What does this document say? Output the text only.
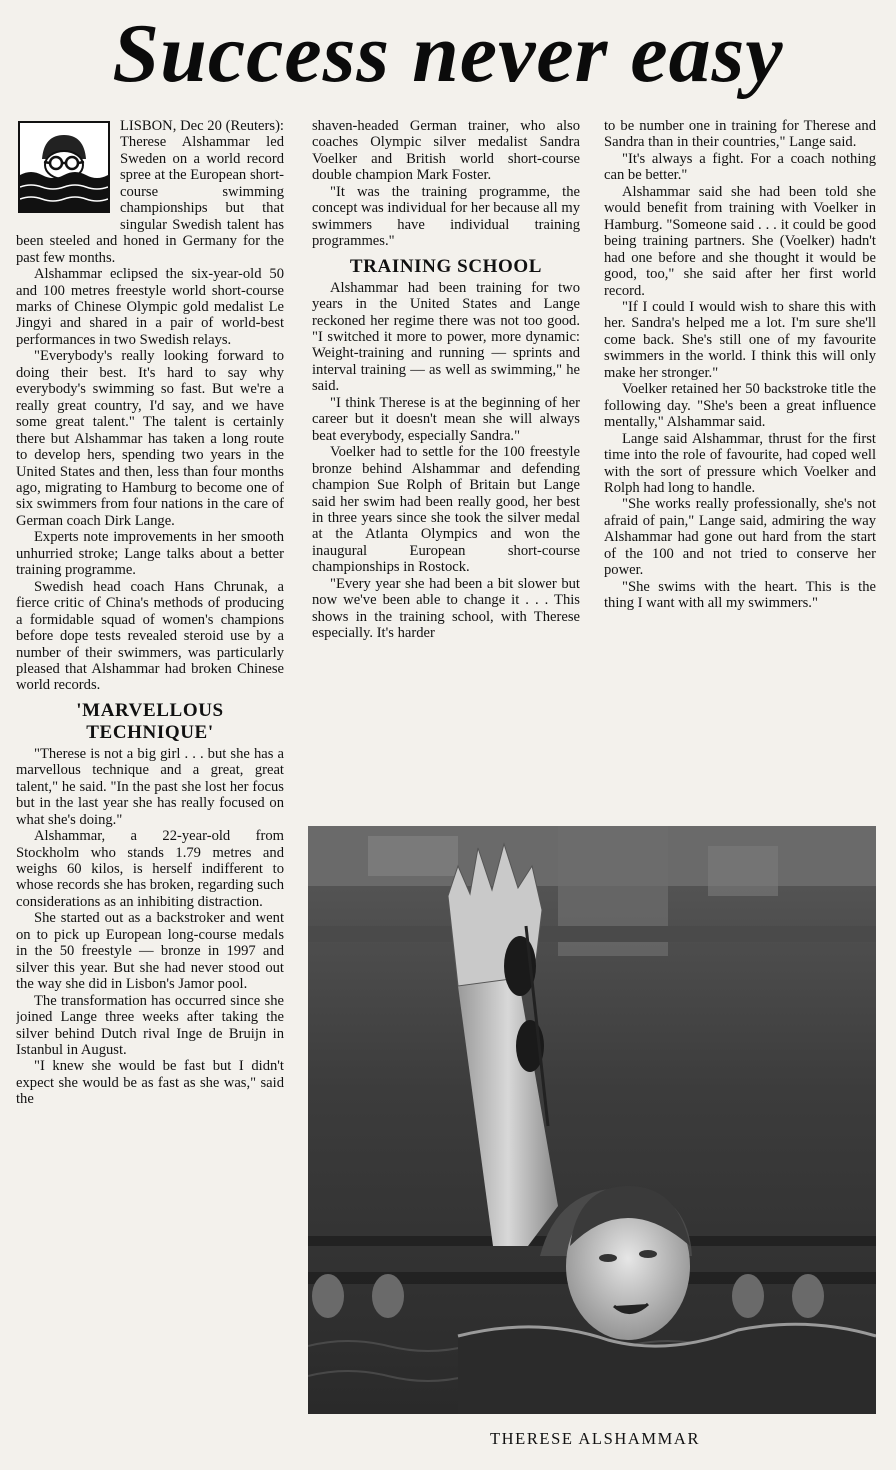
Success never easy

LISBON, Dec 20 (Reuters): Therese Alshammar led Sweden on a world record spree at the European short-course swimming championships but that singular Swedish talent has been steeled and honed in Germany for the past few months.

Alshammar eclipsed the six-year-old 50 and 100 metres freestyle world short-course marks of Chinese Olympic gold medalist Le Jingyi and shared in a pair of world-best performances in two Swedish relays.

"Everybody's really looking forward to doing their best. It's hard to say why everybody's swimming so fast. But we're a really great country, I'd say, and we have some great talent." The talent is certainly there but Alshammar has taken a long route to develop hers, spending two years in the United States and then, less than four months ago, migrating to Hamburg to become one of six swimmers from four nations in the care of German coach Dirk Lange.

Experts note improvements in her smooth unhurried stroke; Lange talks about a better training programme.

Swedish head coach Hans Chrunak, a fierce critic of China's methods of producing a formidable squad of women's champions before dope tests revealed steroid use by a number of their swimmers, was particularly pleased that Alshammar had broken Chinese world records.

'MARVELLOUS
TECHNIQUE'

"Therese is not a big girl . . . but she has a marvellous technique and a great, great talent," he said. "In the past she lost her focus but in the last year she has really focused on what she's doing."

Alshammar, a 22-year-old from Stockholm who stands 1.79 metres and weighs 60 kilos, is herself indifferent to whose records she has broken, regarding such considerations as an inhibiting distraction.

She started out as a backstroker and went on to pick up European long-course medals in the 50 freestyle — bronze in 1997 and silver this year. But she had never stood out the way she did in Lisbon's Jamor pool.

The transformation has occurred since she joined Lange three weeks after taking the silver behind Dutch rival Inge de Bruijn in Istanbul in August.

"I knew she would be fast but I didn't expect she would be as fast as she was," said the

shaven-headed German trainer, who also coaches Olympic silver medalist Sandra Voelker and British world short-course double champion Mark Foster.

"It was the training programme, the concept was individual for her because all my swimmers have individual training programmes."

TRAINING SCHOOL

Alshammar had been training for two years in the United States and Lange reckoned her regime there was not too good. "I switched it more to power, more dynamic: Weight-training and running — sprints and interval training — as well as swimming," he said.

"I think Therese is at the beginning of her career but it doesn't mean she will always beat everybody, especially Sandra."

Voelker had to settle for the 100 freestyle bronze behind Alshammar and defending champion Sue Rolph of Britain but Lange said her swim had been really good, her best in three years since she took the silver medal at the Atlanta Olympics and won the inaugural European short-course championships in Rostock.

"Every year she had been a bit slower but now we've been able to change it . . . This shows in the training school, with Therese especially. It's harder

to be number one in training for Therese and Sandra than in their countries," Lange said.

"It's always a fight. For a coach nothing can be better."

Alshammar said she had been told she would benefit from training with Voelker in Hamburg. "Someone said . . . it could be good being training partners. She (Voelker) hadn't had one before and she thought it would be good, too," she said after her first world record.

"If I could I would wish to share this with her. Sandra's helped me a lot. I'm sure she'll come back. She's still one of my favourite swimmers in the world. I think this will only make her stronger."

Voelker retained her 50 backstroke title the following day. "She's been a great influence mentally," Alshammar said.

Lange said Alshammar, thrust for the first time into the role of favourite, had coped well with the sort of pressure which Voelker and Rolph had long to handle.

"She works really professionally, she's not afraid of pain," Lange said, admiring the way Alshammar had gone out hard from the start of the 100 and not tried to conserve her power.

"She swims with the heart. This is the thing I want with all my swimmers."

THERESE ALSHAMMAR
